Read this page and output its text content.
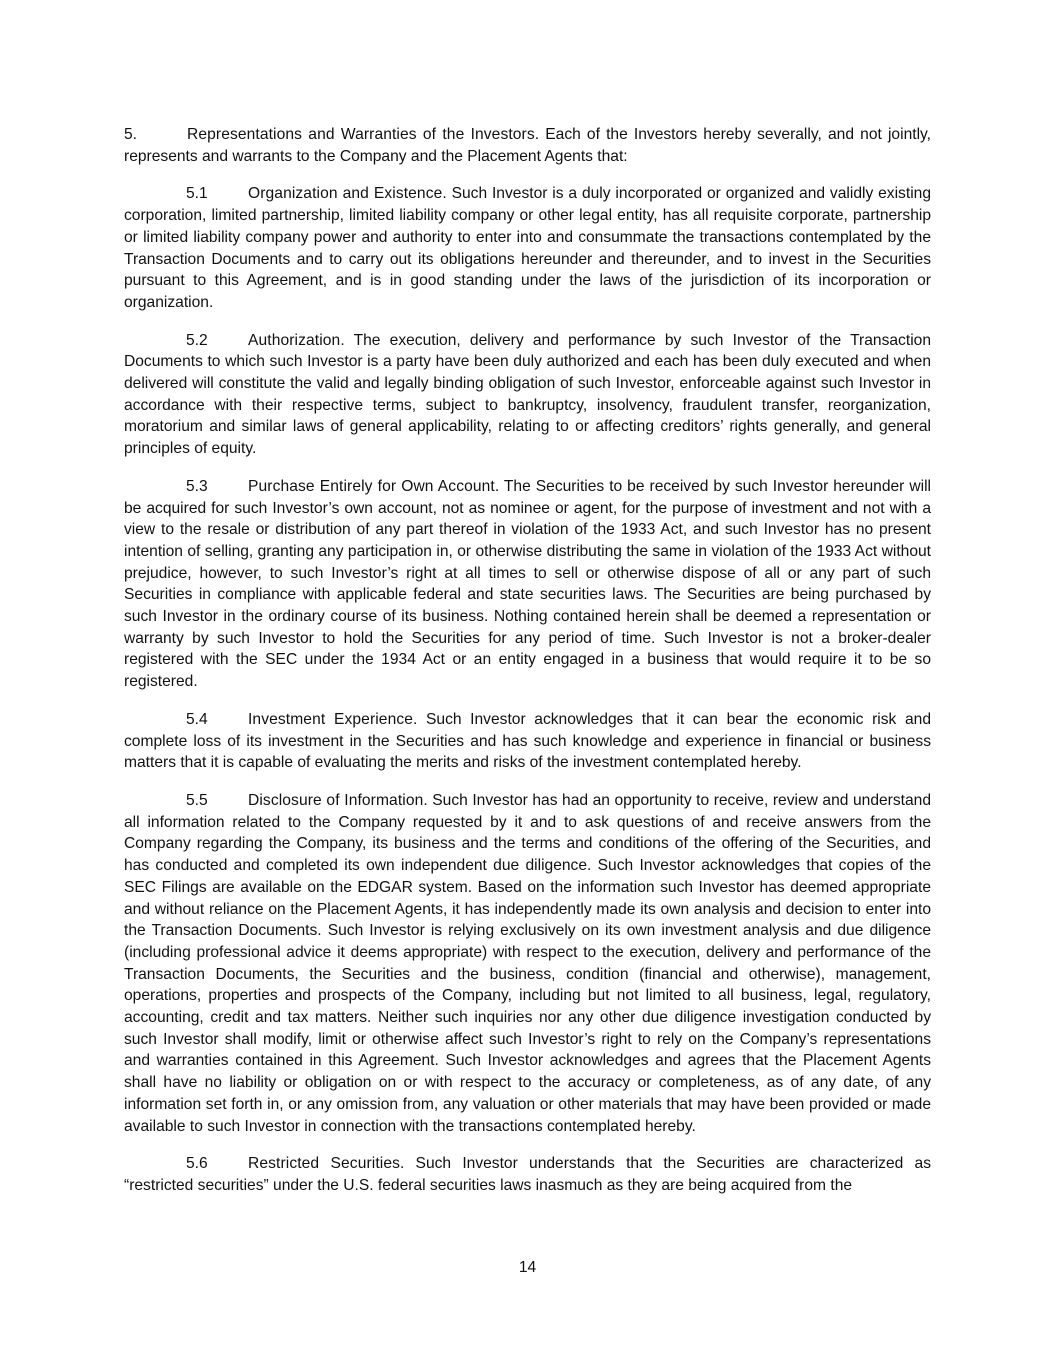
5.	Representations and Warranties of the Investors. Each of the Investors hereby severally, and not jointly, represents and warrants to the Company and the Placement Agents that:

5.1	Organization and Existence. Such Investor is a duly incorporated or organized and validly existing corporation, limited partnership, limited liability company or other legal entity, has all requisite corporate, partnership or limited liability company power and authority to enter into and consummate the transactions contemplated by the Transaction Documents and to carry out its obligations hereunder and thereunder, and to invest in the Securities pursuant to this Agreement, and is in good standing under the laws of the jurisdiction of its incorporation or organization.

5.2	Authorization. The execution, delivery and performance by such Investor of the Transaction Documents to which such Investor is a party have been duly authorized and each has been duly executed and when delivered will constitute the valid and legally binding obligation of such Investor, enforceable against such Investor in accordance with their respective terms, subject to bankruptcy, insolvency, fraudulent transfer, reorganization, moratorium and similar laws of general applicability, relating to or affecting creditors’ rights generally, and general principles of equity.

5.3	Purchase Entirely for Own Account. The Securities to be received by such Investor hereunder will be acquired for such Investor’s own account, not as nominee or agent, for the purpose of investment and not with a view to the resale or distribution of any part thereof in violation of the 1933 Act, and such Investor has no present intention of selling, granting any participation in, or otherwise distributing the same in violation of the 1933 Act without prejudice, however, to such Investor’s right at all times to sell or otherwise dispose of all or any part of such Securities in compliance with applicable federal and state securities laws. The Securities are being purchased by such Investor in the ordinary course of its business. Nothing contained herein shall be deemed a representation or warranty by such Investor to hold the Securities for any period of time. Such Investor is not a broker-dealer registered with the SEC under the 1934 Act or an entity engaged in a business that would require it to be so registered.

5.4	Investment Experience. Such Investor acknowledges that it can bear the economic risk and complete loss of its investment in the Securities and has such knowledge and experience in financial or business matters that it is capable of evaluating the merits and risks of the investment contemplated hereby.

5.5	Disclosure of Information. Such Investor has had an opportunity to receive, review and understand all information related to the Company requested by it and to ask questions of and receive answers from the Company regarding the Company, its business and the terms and conditions of the offering of the Securities, and has conducted and completed its own independent due diligence. Such Investor acknowledges that copies of the SEC Filings are available on the EDGAR system. Based on the information such Investor has deemed appropriate and without reliance on the Placement Agents, it has independently made its own analysis and decision to enter into the Transaction Documents. Such Investor is relying exclusively on its own investment analysis and due diligence (including professional advice it deems appropriate) with respect to the execution, delivery and performance of the Transaction Documents, the Securities and the business, condition (financial and otherwise), management, operations, properties and prospects of the Company, including but not limited to all business, legal, regulatory, accounting, credit and tax matters. Neither such inquiries nor any other due diligence investigation conducted by such Investor shall modify, limit or otherwise affect such Investor’s right to rely on the Company’s representations and warranties contained in this Agreement. Such Investor acknowledges and agrees that the Placement Agents shall have no liability or obligation on or with respect to the accuracy or completeness, as of any date, of any information set forth in, or any omission from, any valuation or other materials that may have been provided or made available to such Investor in connection with the transactions contemplated hereby.

5.6	Restricted Securities. Such Investor understands that the Securities are characterized as “restricted securities” under the U.S. federal securities laws inasmuch as they are being acquired from the

14
